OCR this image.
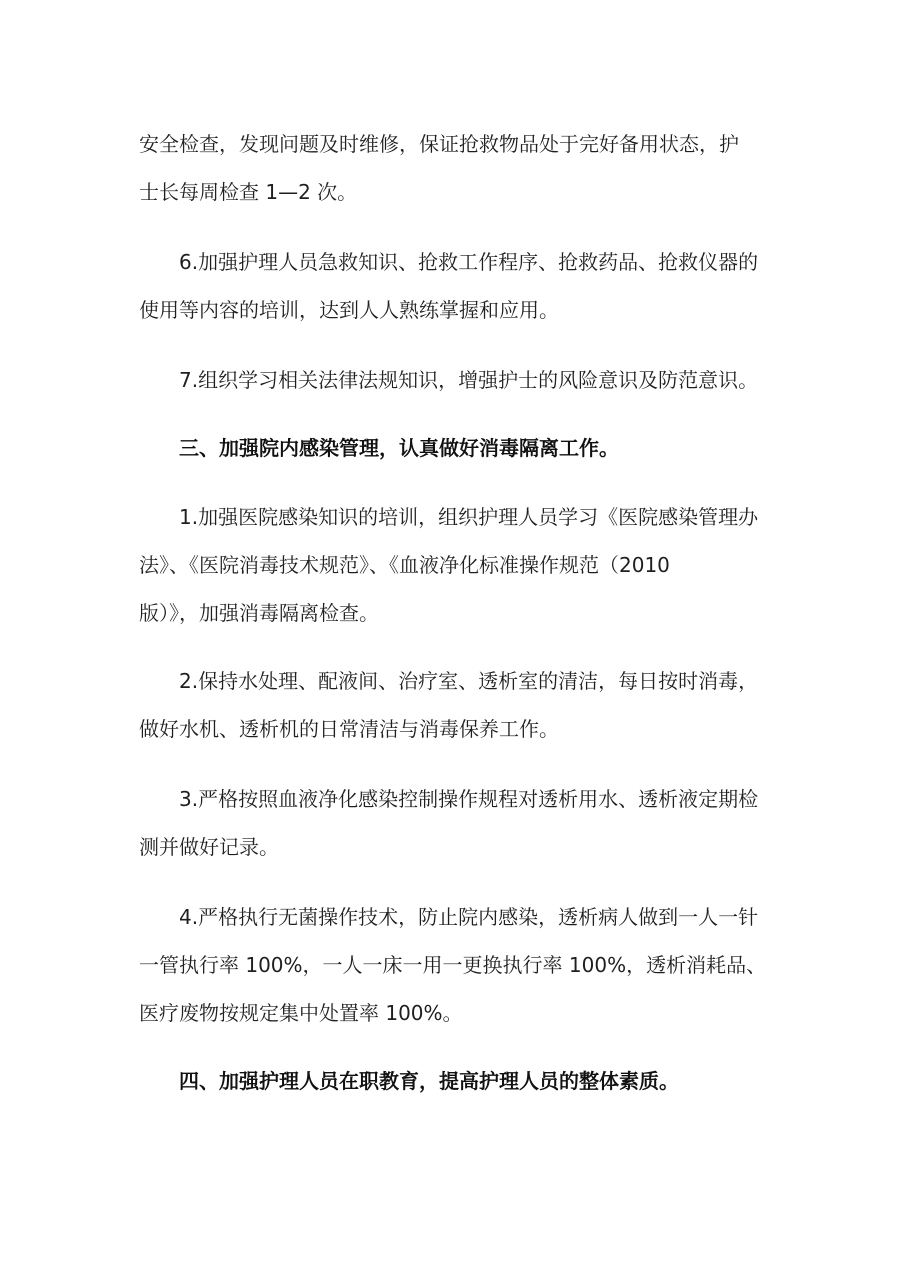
安全检查，发现问题及时维修，保证抢救物品处于完好备用状态，护
士长每周检查 1—2 次。

6.加强护理人员急救知识、抢救工作程序、抢救药品、抢救仪器的
使用等内容的培训，达到人人熟练掌握和应用。

7.组织学习相关法律法规知识，增强护士的风险意识及防范意识。

三、加强院内感染管理，认真做好消毒隔离工作。

1.加强医院感染知识的培训，组织护理人员学习《医院感染管理办
法》、《医院消毒技术规范》、《血液净化标准操作规范（2010
版）》，加强消毒隔离检查。

2.保持水处理、配液间、治疗室、透析室的清洁，每日按时消毒，
做好水机、透析机的日常清洁与消毒保养工作。

3.严格按照血液净化感染控制操作规程对透析用水、透析液定期检
测并做好记录。

4.严格执行无菌操作技术，防止院内感染，透析病人做到一人一针
一管执行率 100%，一人一床一用一更换执行率 100%，透析消耗品、
医疗废物按规定集中处置率 100%。

四、加强护理人员在职教育，提高护理人员的整体素质。
